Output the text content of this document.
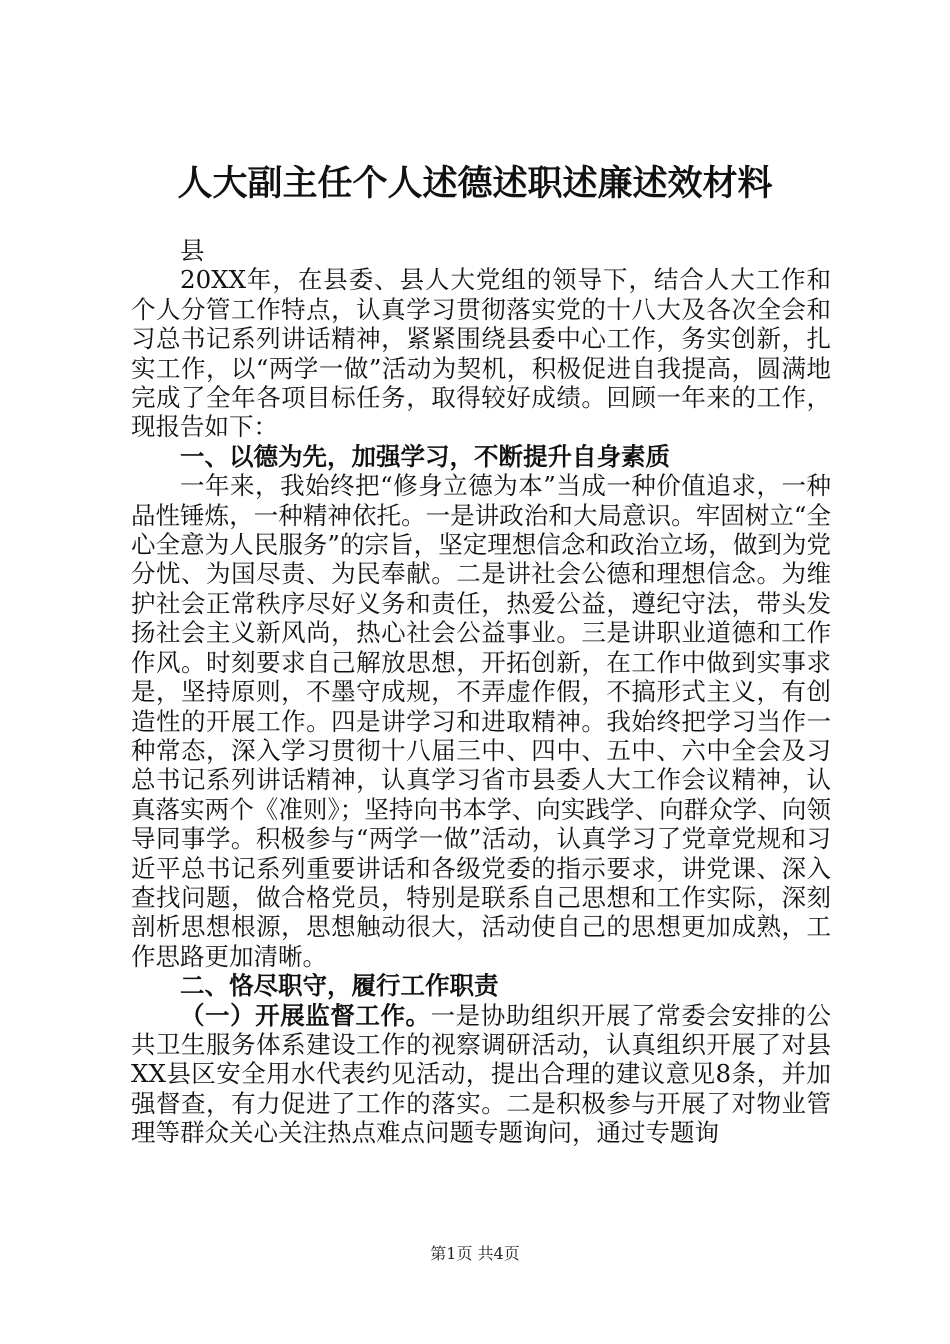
人大副主任个人述德述职述廉述效材料

县

20XX年，在县委、县人大党组的领导下，结合人大工作和个人分管工作特点，认真学习贯彻落实党的十八大及各次全会和习总书记系列讲话精神，紧紧围绕县委中心工作，务实创新，扎实工作，以“两学一做”活动为契机，积极促进自我提高，圆满地完成了全年各项目标任务，取得较好成绩。回顾一年来的工作，现报告如下：

一、以德为先，加强学习，不断提升自身素质

一年来，我始终把“修身立德为本”当成一种价值追求，一种品性锤炼，一种精神依托。一是讲政治和大局意识。牢固树立“全心全意为人民服务”的宗旨，坚定理想信念和政治立场，做到为党分忧、为国尽责、为民奉献。二是讲社会公德和理想信念。为维护社会正常秩序尽好义务和责任，热爱公益，遵纪守法，带头发扬社会主义新风尚，热心社会公益事业。三是讲职业道德和工作作风。时刻要求自己解放思想，开拓创新，在工作中做到实事求是，坚持原则，不墨守成规，不弄虚作假，不搞形式主义，有创造性的开展工作。四是讲学习和进取精神。我始终把学习当作一种常态，深入学习贯彻十八届三中、四中、五中、六中全会及习总书记系列讲话精神，认真学习省市县委人大工作会议精神，认真落实两个《准则》；坚持向书本学、向实践学、向群众学、向领导同事学。积极参与“两学一做”活动，认真学习了党章党规和习近平总书记系列重要讲话和各级党委的指示要求，讲党课、深入查找问题，做合格党员，特别是联系自己思想和工作实际，深刻剖析思想根源，思想触动很大，活动使自己的思想更加成熟，工作思路更加清晰。

二、恪尽职守，履行工作职责

（一）开展监督工作。一是协助组织开展了常委会安排的公共卫生服务体系建设工作的视察调研活动，认真组织开展了对县XX县区安全用水代表约见活动，提出合理的建议意见8条，并加强督查，有力促进了工作的落实。二是积极参与开展了对物业管理等群众关心关注热点难点问题专题询问，通过专题询

第1页 共4页
